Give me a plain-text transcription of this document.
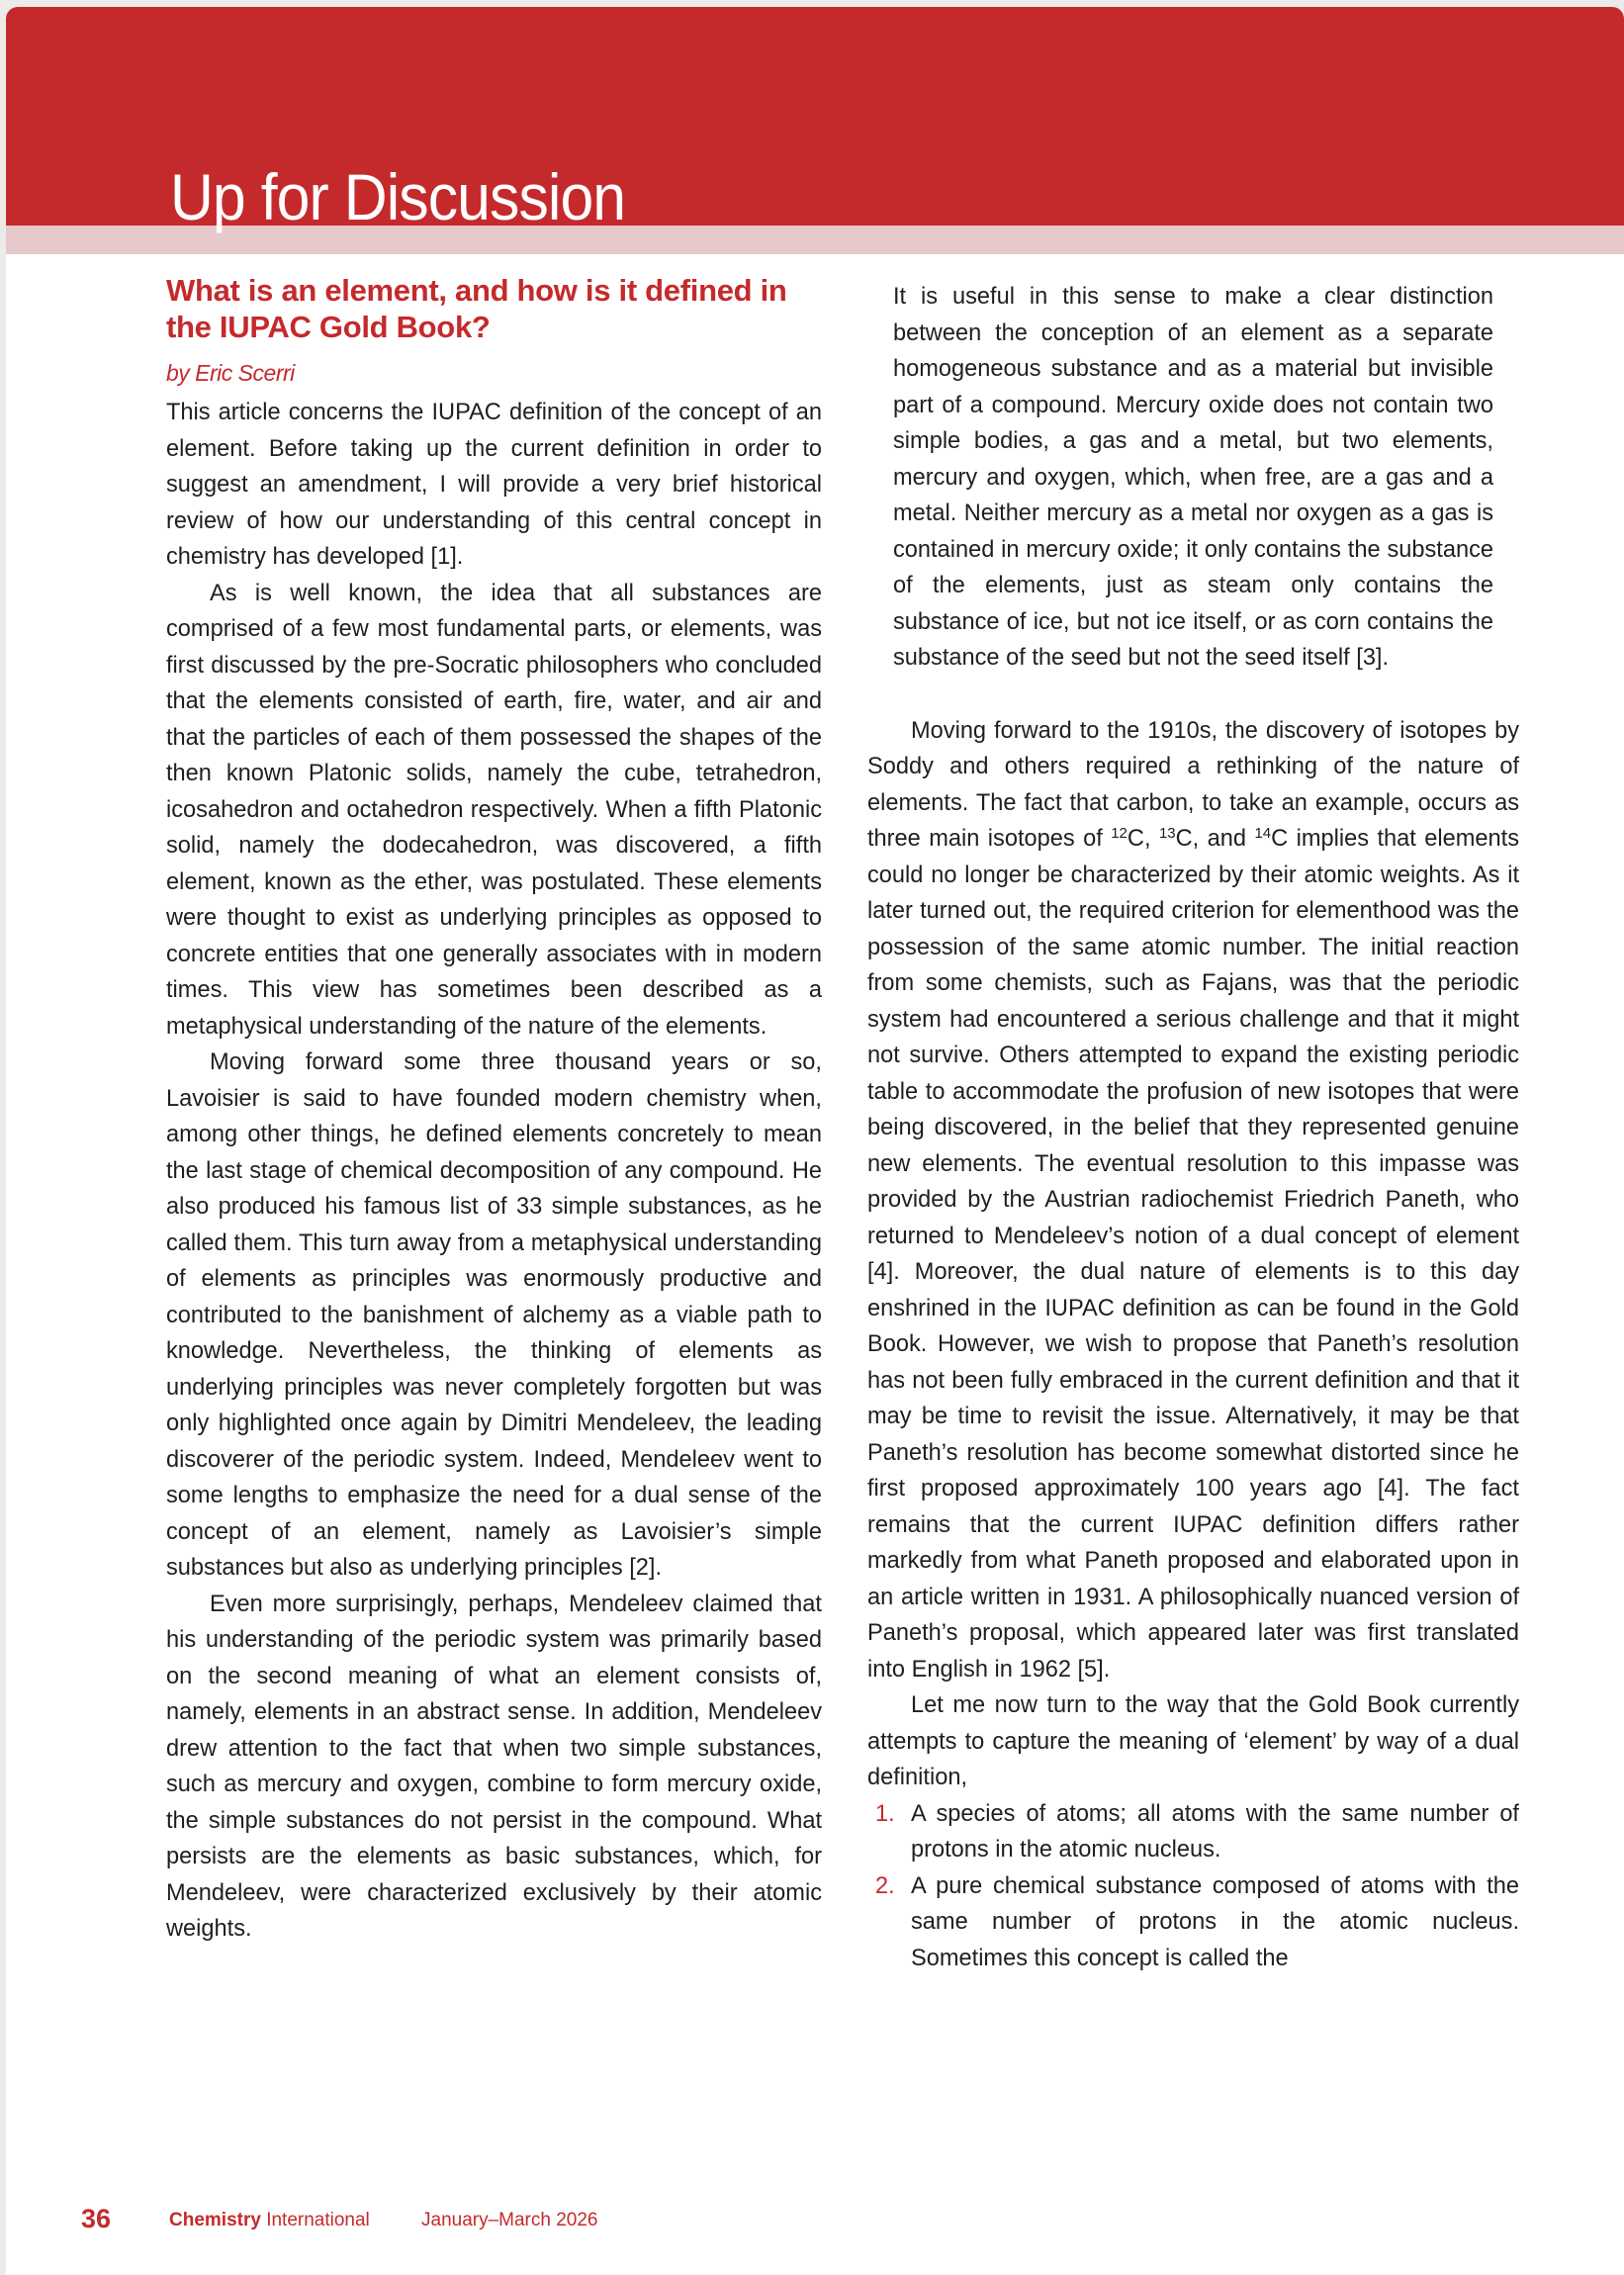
Up for Discussion
What is an element, and how is it defined in the IUPAC Gold Book?
by Eric Scerri

This article concerns the IUPAC definition of the concept of an element. Before taking up the current definition in order to suggest an amendment, I will provide a very brief historical review of how our understanding of this central concept in chemistry has developed [1].

As is well known, the idea that all substances are comprised of a few most fundamental parts, or elements, was first discussed by the pre-Socratic philosophers who concluded that the elements consisted of earth, fire, water, and air and that the particles of each of them possessed the shapes of the then known Platonic solids, namely the cube, tetrahedron, icosahedron and octahedron respectively. When a fifth Platonic solid, namely the dodecahedron, was discovered, a fifth element, known as the ether, was postulated. These elements were thought to exist as underlying principles as opposed to concrete entities that one generally associates with in modern times. This view has sometimes been described as a metaphysical understanding of the nature of the elements.

Moving forward some three thousand years or so, Lavoisier is said to have founded modern chemistry when, among other things, he defined elements concretely to mean the last stage of chemical decomposition of any compound. He also produced his famous list of 33 simple substances, as he called them. This turn away from a metaphysical understanding of elements as principles was enormously productive and contributed to the banishment of alchemy as a viable path to knowledge. Nevertheless, the thinking of elements as underlying principles was never completely forgotten but was only highlighted once again by Dimitri Mendeleev, the leading discoverer of the periodic system. Indeed, Mendeleev went to some lengths to emphasize the need for a dual sense of the concept of an element, namely as Lavoisier’s simple substances but also as underlying principles [2].

Even more surprisingly, perhaps, Mendeleev claimed that his understanding of the periodic system was primarily based on the second meaning of what an element consists of, namely, elements in an abstract sense. In addition, Mendeleev drew attention to the fact that when two simple substances, such as mercury and oxygen, combine to form mercury oxide, the simple substances do not persist in the compound. What persists are the elements as basic substances, which, for Mendeleev, were characterized exclusively by their atomic weights.

It is useful in this sense to make a clear distinction between the conception of an element as a separate homogeneous substance and as a material but invisible part of a compound. Mercury oxide does not contain two simple bodies, a gas and a metal, but two elements, mercury and oxygen, which, when free, are a gas and a metal. Neither mercury as a metal nor oxygen as a gas is contained in mercury oxide; it only contains the substance of the elements, just as steam only contains the substance of ice, but not ice itself, or as corn contains the substance of the seed but not the seed itself [3].

Moving forward to the 1910s, the discovery of isotopes by Soddy and others required a rethinking of the nature of elements. The fact that carbon, to take an example, occurs as three main isotopes of $^{12}$C, $^{13}$C, and $^{14}$C implies that elements could no longer be characterized by their atomic weights. As it later turned out, the required criterion for elementhood was the possession of the same atomic number. The initial reaction from some chemists, such as Fajans, was that the periodic system had encountered a serious challenge and that it might not survive. Others attempted to expand the existing periodic table to accommodate the profusion of new isotopes that were being discovered, in the belief that they represented genuine new elements. The eventual resolution to this impasse was provided by the Austrian radiochemist Friedrich Paneth, who returned to Mendeleev’s notion of a dual concept of element [4]. Moreover, the dual nature of elements is to this day enshrined in the IUPAC definition as can be found in the Gold Book. However, we wish to propose that Paneth’s resolution has not been fully embraced in the current definition and that it may be time to revisit the issue. Alternatively, it may be that Paneth’s resolution has become somewhat distorted since he first proposed approximately 100 years ago [4]. The fact remains that the current IUPAC definition differs rather markedly from what Paneth proposed and elaborated upon in an article written in 1931. A philosophically nuanced version of Paneth’s proposal, which appeared later was first translated into English in 1962 [5].

Let me now turn to the way that the Gold Book currently attempts to capture the meaning of ‘element’ by way of a dual definition,

1. A species of atoms; all atoms with the same number of protons in the atomic nucleus.
2. A pure chemical substance composed of atoms with the same number of protons in the atomic nucleus. Sometimes this concept is called the
36	Chemistry International	January–March 2026
